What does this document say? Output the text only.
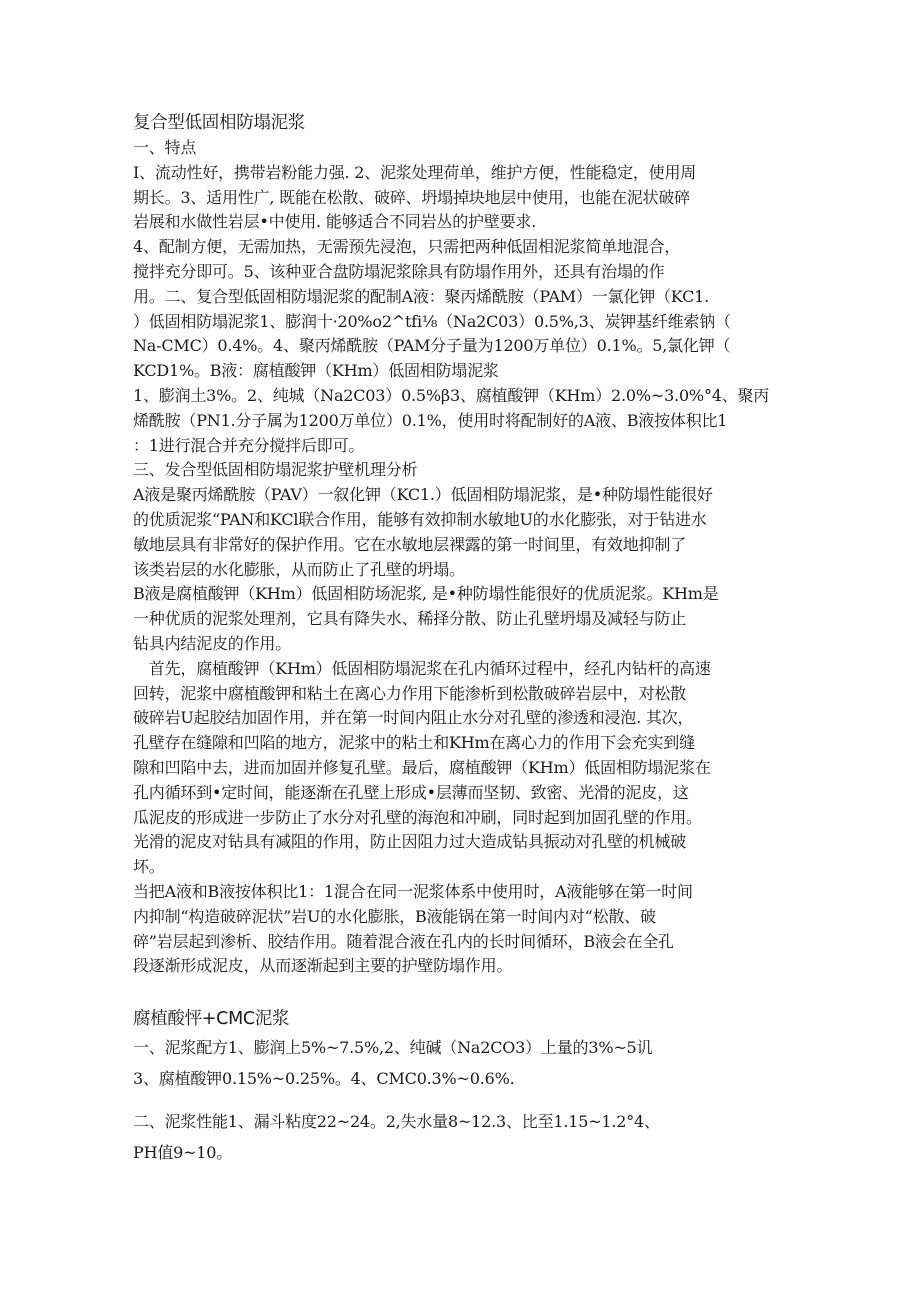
复合型低固相防塌泥浆

一、特点

I、流动性好，携带岩粉能力强. 2、泥浆处理荷单，维护方便，性能稳定，使用周

期长。3、适用性广, 既能在松散、破碎、坍塌掉块地层中使用，也能在泥状破碎

岩展和水做性岩层•中使用. 能够适合不同岩丛的护壁要求.

4、配制方便，无需加热，无需预先浸泡，只需把两种低固相泥浆简单地混合，

搅拌充分即可。5、该种亚合盘防塌泥浆除具有防塌作用外，还具有治塌的作

用。二、复合型低固相防塌泥浆的配制A液：聚丙烯酰胺（PAM）一氯化钾（KC1.

）低固相防塌泥浆1、膨润十·20%o2^tfi⅛（Na2C03）0.5%,3、炭钾基纤维索钠（

Na-CMC）0.4%。4、聚丙烯酰胺（PAM分子量为1200万单位）0.1%。5,氯化钾（

KCD1%。B液：腐植酸钾（KHm）低固相防塌泥浆

1、膨润土3%。2、纯城（Na2C03）0.5%β3、腐植酸钾（KHm）2.0%~3.0%°4、聚丙

烯酰胺（PN1.分子属为1200万单位）0.1%，使用时将配制好的A液、B液按体积比1

：1进行混合并充分搅拌后即可。

三、发合型低固相防塌泥浆护壁机理分析

A液是聚丙烯酰胺（PAV）一叙化钾（KC1.）低固相防塌泥浆，是•种防塌性能很好

的优质泥浆“PAN和KCl联合作用，能够有效抑制水敏地U的水化膨张，对于钻进水

敏地层具有非常好的保护作用。它在水敏地层裸露的第一时间里，有效地抑制了

该类岩层的水化膨胀，从而防止了孔壁的坍塌。

B液是腐植酸钾（KHm）低固相防场泥浆, 是•种防塌性能很好的优质泥浆。KHm是

一种优质的泥浆处理剂，它具有降失水、稀择分散、防止孔壁坍塌及减轻与防止

钻具内结泥皮的作用。

　首先，腐植酸钾（KHm）低固相防塌泥浆在孔内循环过程中，经孔内钻杆的高速

回转，泥浆中腐植酸钾和粘土在离心力作用下能渗析到松散破碎岩层中，对松散

破碎岩U起胶结加固作用，并在第一时间内阻止水分对孔壁的渗透和浸泡. 其次，

孔壁存在缝隙和凹陷的地方，泥浆中的粘土和KHm在离心力的作用下会充实到缝

隙和凹陷中去，进而加固并修复孔壁。最后，腐植酸钾（KHm）低固相防塌泥浆在

孔内循环到•定时间，能逐渐在孔壁上形成•层薄而坚韧、致密、光滑的泥皮，这

瓜泥皮的形成进一步防止了水分对孔壁的海泡和冲刷，同时起到加固孔壁的作用。

光滑的泥皮对钻具有减阻的作用，防止因阻力过大造成钻具振动对孔壁的机械破

坏。

当把A液和B液按体积比1：1混合在同一泥浆体系中使用时，A液能够在第一时间

内抑制“构造破碎泥状”岩U的水化膨胀，B液能锅在第一时间内对“松散、破

碎”岩层起到渗析、胶结作用。随着混合液在孔内的长时间循环，B液会在全孔

段逐渐形成泥皮，从而逐渐起到主要的护壁防塌作用。

腐植酸怦+CMC泥浆

一、泥浆配方1、膨润上5%~7.5%,2、纯碱（Na2CO3）上量的3%~5讥

3、腐植酸钾0.15%~0.25%。4、CMC0.3%~0.6%.

二、泥浆性能1、漏斗粘度22~24。2,失水量8~12.3、比至1.15~1.2°4、

PH值9~10。
